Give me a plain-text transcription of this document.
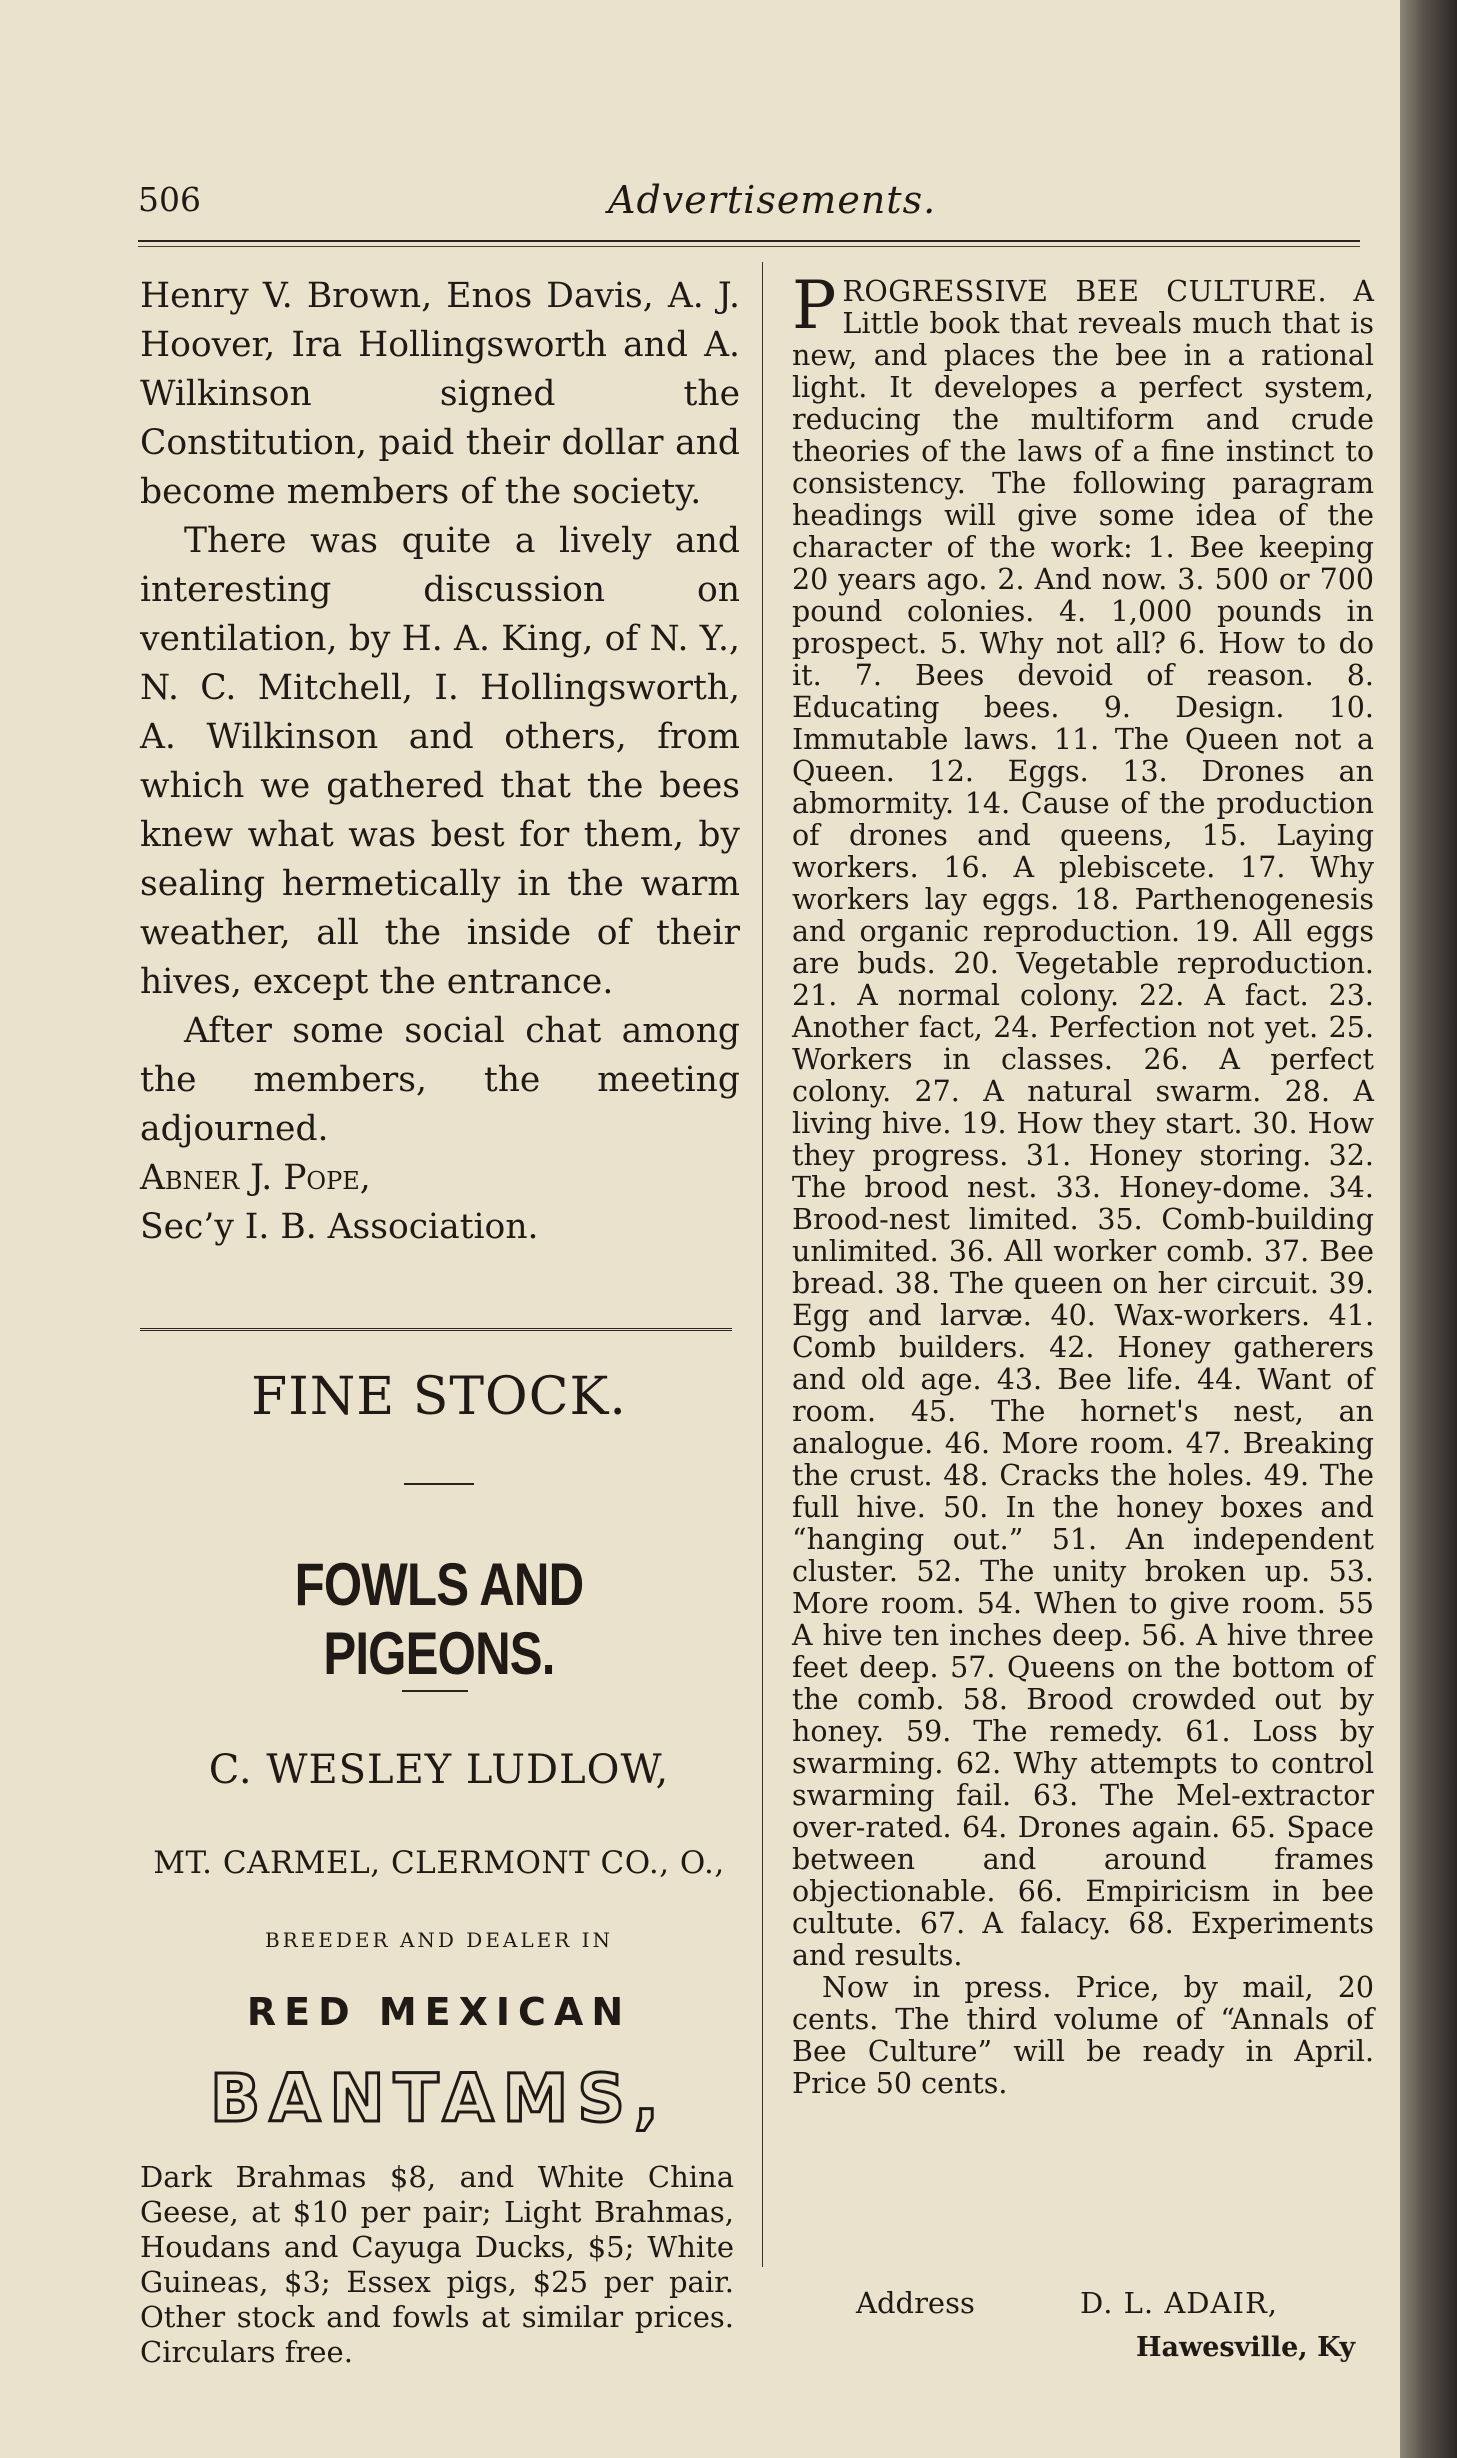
506	Advertisements.

Henry V. Brown, Enos Davis, A. J. Hoover, Ira Hollingsworth and A. Wilkinson signed the Constitution, paid their dollar and become members of the society.

There was quite a lively and interesting discussion on ventilation, by H. A. King, of N. Y., N. C. Mitchell, I. Hollingsworth, A. Wilkinson and others, from which we gathered that the bees knew what was best for them, by sealing hermetically in the warm weather, all the inside of their hives, except the entrance.

After some social chat among the members, the meeting adjourned.

Abner J. Pope,

Sec’y I. B. Association.

FINE STOCK.
FOWLS AND PIGEONS.
C. WESLEY LUDLOW,
MT. CARMEL, CLERMONT CO., O.,
BREEDER AND DEALER IN
RED MEXICAN
BANTAMS,

Dark Brahmas $8, and White China Geese, at $10 per pair; Light Brahmas, Houdans and Cayuga Ducks, $5; White Guineas, $3; Essex pigs, $25 per pair. Other stock and fowls at similar prices. Circulars free.

PROGRESSIVE BEE CULTURE. A Little book that reveals much that is new, and places the bee in a rational light. It developes a perfect system, reducing the multiform and crude theories of the laws of a fine instinct to consistency. The following paragram headings will give some idea of the character of the work: 1. Bee keeping 20 years ago. 2. And now. 3. 500 or 700 pound colonies. 4. 1,000 pounds in prospect. 5. Why not all? 6. How to do it. 7. Bees devoid of reason. 8. Educating bees. 9. Design. 10. Immutable laws. 11. The Queen not a Queen. 12. Eggs. 13. Drones an abmormity. 14. Cause of the production of drones and queens, 15. Laying workers. 16. A plebiscete. 17. Why workers lay eggs. 18. Parthenogenesis and organic reproduction. 19. All eggs are buds. 20. Vegetable reproduction. 21. A normal colony. 22. A fact. 23. Another fact, 24. Perfection not yet. 25. Workers in classes. 26. A perfect colony. 27. A natural swarm. 28. A living hive. 19. How they start. 30. How they progress. 31. Honey storing. 32. The brood nest. 33. Honey-dome. 34. Brood-nest limited. 35. Comb-building unlimited. 36. All worker comb. 37. Bee bread. 38. The queen on her circuit. 39. Egg and larvæ. 40. Wax-workers. 41. Comb builders. 42. Honey gatherers and old age. 43. Bee life. 44. Want of room. 45. The hornet's nest, an analogue. 46. More room. 47. Breaking the crust. 48. Cracks the holes. 49. The full hive. 50. In the honey boxes and “hanging out.” 51. An independent cluster. 52. The unity broken up. 53. More room. 54. When to give room. 55 A hive ten inches deep. 56. A hive three feet deep. 57. Queens on the bottom of the comb. 58. Brood crowded out by honey. 59. The remedy. 61. Loss by swarming. 62. Why attempts to control swarming fail. 63. The Mel-extractor over-rated. 64. Drones again. 65. Space between and around frames objectionable. 66. Empiricism in bee cultute. 67. A falacy. 68. Experiments and results.

Now in press. Price, by mail, 20 cents. The third volume of “Annals of Bee Culture” will be ready in April. Price 50 cents.

Address	D. L. ADAIR,
Hawesville, Ky
